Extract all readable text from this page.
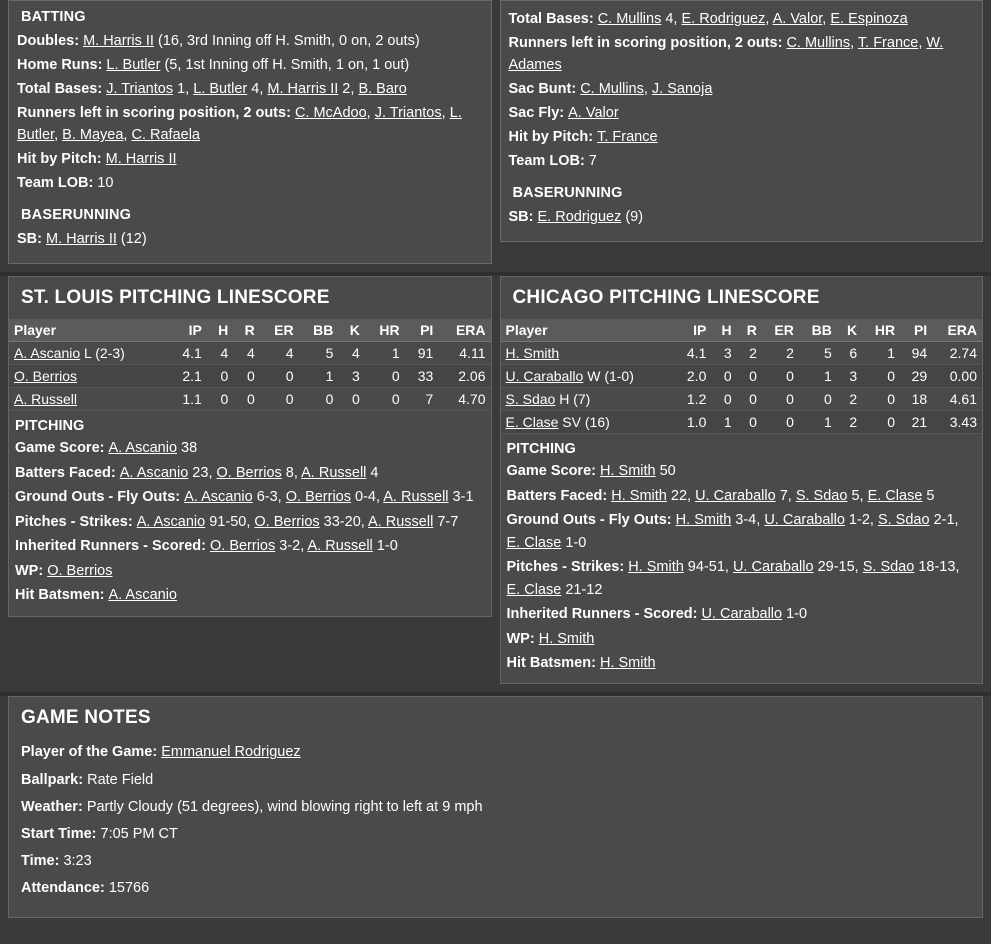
BATTING
Doubles: M. Harris II (16, 3rd Inning off H. Smith, 0 on, 2 outs)
Home Runs: L. Butler (5, 1st Inning off H. Smith, 1 on, 1 out)
Total Bases: J. Triantos 1, L. Butler 4, M. Harris II 2, B. Baro
Runners left in scoring position, 2 outs: C. McAdoo, J. Triantos, L. Butler, B. Mayea, C. Rafaela
Hit by Pitch: M. Harris II
Team LOB: 10
BASERUNNING
SB: M. Harris II (12)
Total Bases: C. Mullins 4, E. Rodriguez, A. Valor, E. Espinoza
Runners left in scoring position, 2 outs: C. Mullins, T. France, W. Adames
Sac Bunt: C. Mullins, J. Sanoja
Sac Fly: A. Valor
Hit by Pitch: T. France
Team LOB: 7
BASERUNNING
SB: E. Rodriguez (9)
ST. LOUIS PITCHING LINESCORE
Player	IP	H	R	ER	BB	K	HR	PI	ERA
A. Ascanio L (2-3)	4.1	4	4	4	5	4	1	91	4.11
O. Berrios	2.1	0	0	0	1	3	0	33	2.06
A. Russell	1.1	0	0	0	0	0	0	7	4.70
PITCHING
Game Score: A. Ascanio 38
Batters Faced: A. Ascanio 23, O. Berrios 8, A. Russell 4
Ground Outs - Fly Outs: A. Ascanio 6-3, O. Berrios 0-4, A. Russell 3-1
Pitches - Strikes: A. Ascanio 91-50, O. Berrios 33-20, A. Russell 7-7
Inherited Runners - Scored: O. Berrios 3-2, A. Russell 1-0
WP: O. Berrios
Hit Batsmen: A. Ascanio
CHICAGO PITCHING LINESCORE
Player	IP	H	R	ER	BB	K	HR	PI	ERA
H. Smith	4.1	3	2	2	5	6	1	94	2.74
U. Caraballo W (1-0)	2.0	0	0	0	1	3	0	29	0.00
S. Sdao H (7)	1.2	0	0	0	0	2	0	18	4.61
E. Clase SV (16)	1.0	1	0	0	1	2	0	21	3.43
PITCHING
Game Score: H. Smith 50
Batters Faced: H. Smith 22, U. Caraballo 7, S. Sdao 5, E. Clase 5
Ground Outs - Fly Outs: H. Smith 3-4, U. Caraballo 1-2, S. Sdao 2-1, E. Clase 1-0
Pitches - Strikes: H. Smith 94-51, U. Caraballo 29-15, S. Sdao 18-13, E. Clase 21-12
Inherited Runners - Scored: U. Caraballo 1-0
WP: H. Smith
Hit Batsmen: H. Smith
GAME NOTES
Player of the Game: Emmanuel Rodriguez
Ballpark: Rate Field
Weather: Partly Cloudy (51 degrees), wind blowing right to left at 9 mph
Start Time: 7:05 PM CT
Time: 3:23
Attendance: 15766
